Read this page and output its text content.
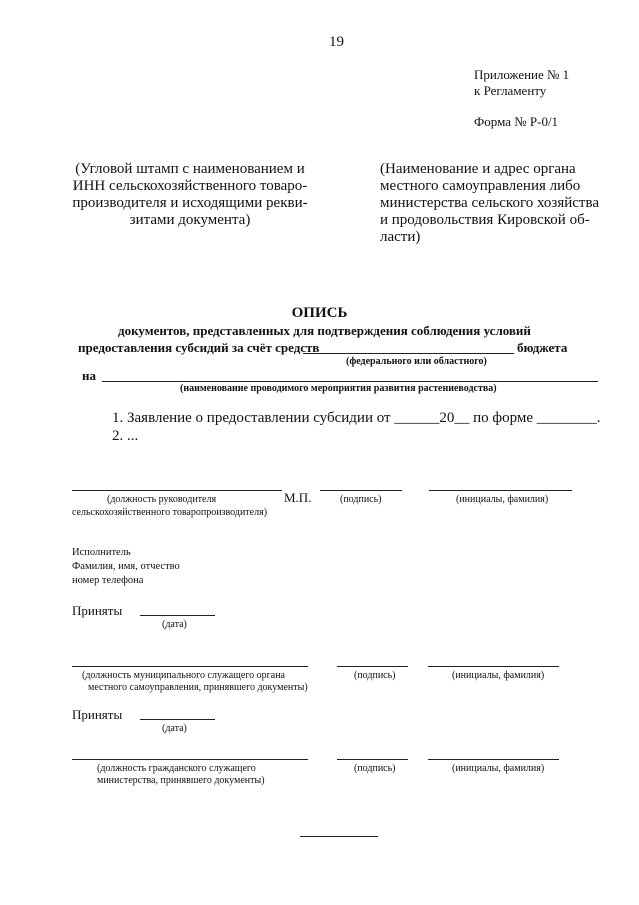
19
Приложение № 1
к Регламенту
Форма № Р-0/1
(Угловой штамп с наименованием и
ИНН сельскохозяйственного товаро-
производителя и исходящими рекви-
зитами документа)
(Наименование и адрес органа
местного самоуправления либо
министерства сельского хозяйства
и продовольствия Кировской об-
ласти)
ОПИСЬ
документов, представленных для подтверждения соблюдения условий
предоставления субсидий за счёт средств	бюджета
(федерального или областного)
на
(наименование проводимого мероприятия развития растениеводства)
1. Заявление о предоставлении субсидии от ______20__ по форме ________.
2. ...
(должность руководителя
сельскохозяйственного товаропроизводителя)
М.П.	(подпись)	(инициалы, фамилия)
Исполнитель
Фамилия, имя, отчество
номер телефона
Приняты
(дата)
(должность муниципального служащего органа
местного самоуправления, принявшего документы)
(подпись)	(инициалы, фамилия)
Приняты
(дата)
(должность гражданского служащего
министерства, принявшего документы)
(подпись)	(инициалы, фамилия)
